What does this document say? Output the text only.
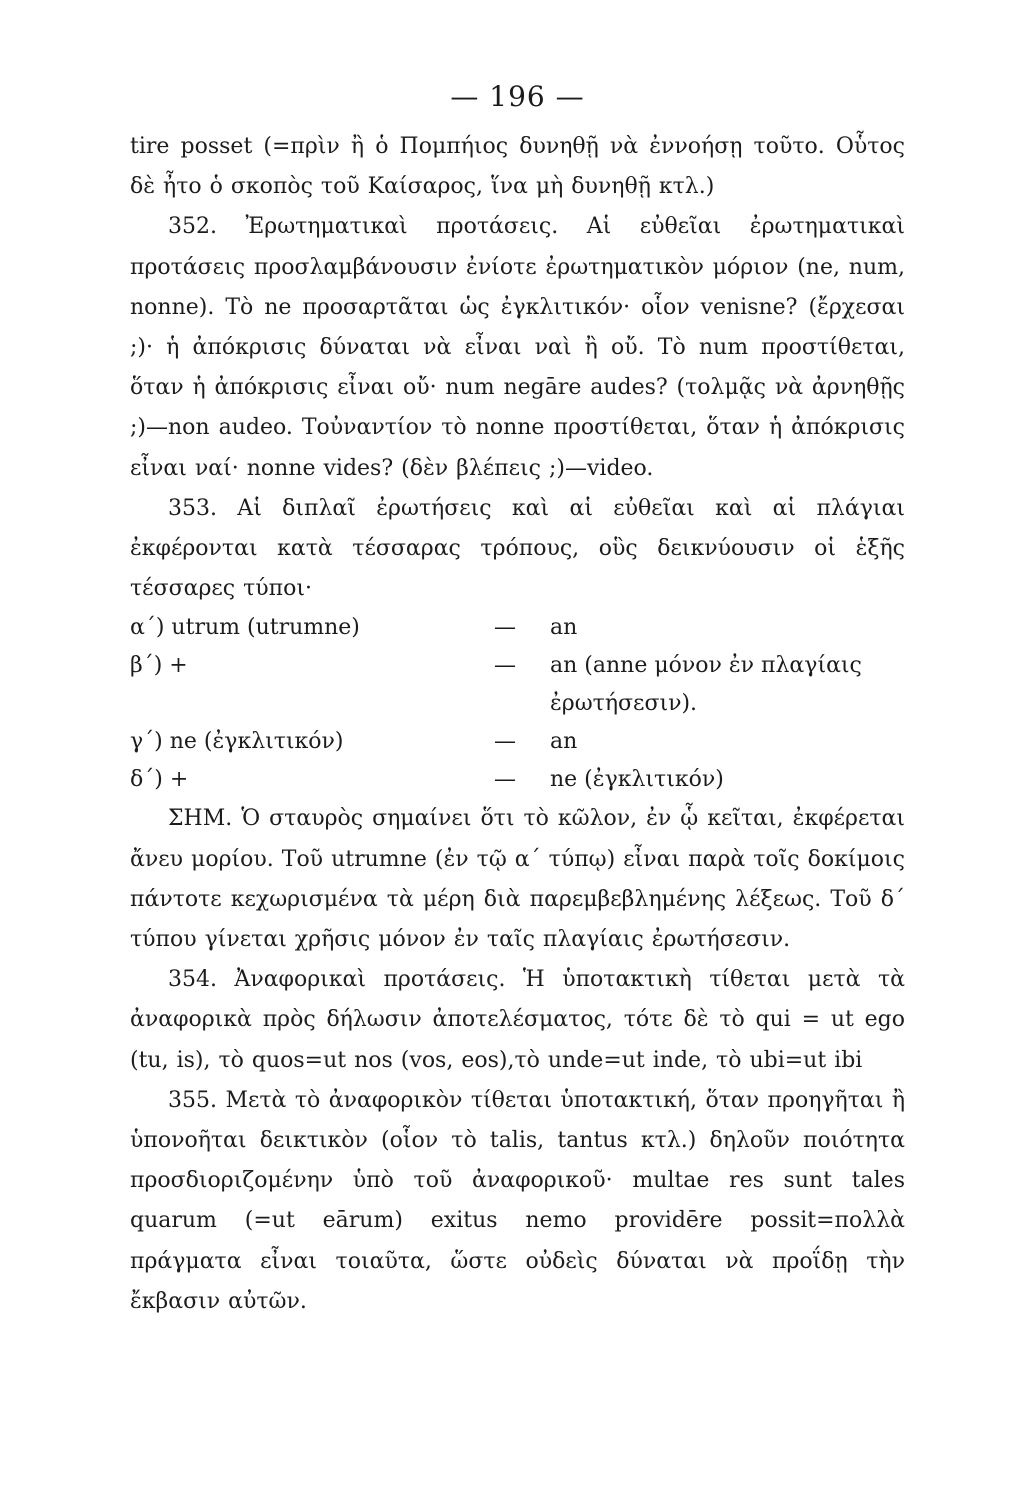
— 196 —

tire posset (=πρὶν ἢ ὁ Πομπήιος δυνηθῇ νὰ ἐννοήσῃ τοῦτο. Οὗτος δὲ ἦτο ὁ σκοπὸς τοῦ Καίσαρος, ἵνα μὴ δυνηθῇ κτλ.)

352. Ἐρωτηματικαὶ προτάσεις. Αἱ εὐθεῖαι ἐρωτηματικαὶ προτάσεις προσλαμβάνουσιν ἐνίοτε ἐρωτηματικὸν μόριον (ne, num, nonne). Τὸ ne προσαρτᾶται ὡς ἐγκλιτικόν· οἷον venisne? (ἔρχεσαι ;)· ἡ ἀπόκρισις δύναται νὰ εἶναι ναὶ ἢ οὔ. Τὸ num προστίθεται, ὅταν ἡ ἀπόκρισις εἶναι οὔ· num negāre audes? (τολμᾷς νὰ ἀρνηθῇς ;)—non audeo. Τοὐναντίον τὸ nonne προστίθεται, ὅταν ἡ ἀπόκρισις εἶναι ναί· nonne vides? (δὲν βλέπεις ;)—video.

353. Αἱ διπλαῖ ἐρωτήσεις καὶ αἱ εὐθεῖαι καὶ αἱ πλάγιαι ἐκφέρονται κατὰ τέσσαρας τρόπους, οὓς δεικνύουσιν οἱ ἑξῆς τέσσαρες τύποι·

α΄) utrum (utrumne)	—	an
β΄) +	—	an (anne μόνον ἐν πλαγίαις ἐρωτήσεσιν).
γ΄) ne (ἐγκλιτικόν)	—	an
δ΄) +	—	ne (ἐγκλιτικόν)

ΣΗΜ. Ὁ σταυρὸς σημαίνει ὅτι τὸ κῶλον, ἐν ᾧ κεῖται, ἐκφέρεται ἄνευ μορίου. Τοῦ utrumne (ἐν τῷ α΄ τύπῳ) εἶναι παρὰ τοῖς δοκίμοις πάντοτε κεχωρισμένα τὰ μέρη διὰ παρεμβεβλημένης λέξεως. Τοῦ δ΄ τύπου γίνεται χρῆσις μόνον ἐν ταῖς πλαγίαις ἐρωτήσεσιν.

354. Ἀναφορικαὶ προτάσεις. Ἡ ὑποτακτικὴ τίθεται μετὰ τὰ ἀναφορικὰ πρὸς δήλωσιν ἀποτελέσματος, τότε δὲ τὸ qui = ut ego (tu, is), τὸ quos=ut nos (vos, eos),τὸ unde=ut inde, τὸ ubi=ut ibi

355. Μετὰ τὸ ἀναφορικὸν τίθεται ὑποτακτική, ὅταν προηγῆται ἢ ὑπονοῆται δεικτικὸν (οἷον τὸ talis, tantus κτλ.) δηλοῦν ποιότητα προσδιοριζομένην ὑπὸ τοῦ ἀναφορικοῦ· multae res sunt tales quarum (=ut eārum) exitus nemo providēre possit=πολλὰ πράγματα εἶναι τοιαῦτα, ὥστε οὐδεὶς δύναται νὰ προΐδῃ τὴν ἔκβασιν αὐτῶν.
